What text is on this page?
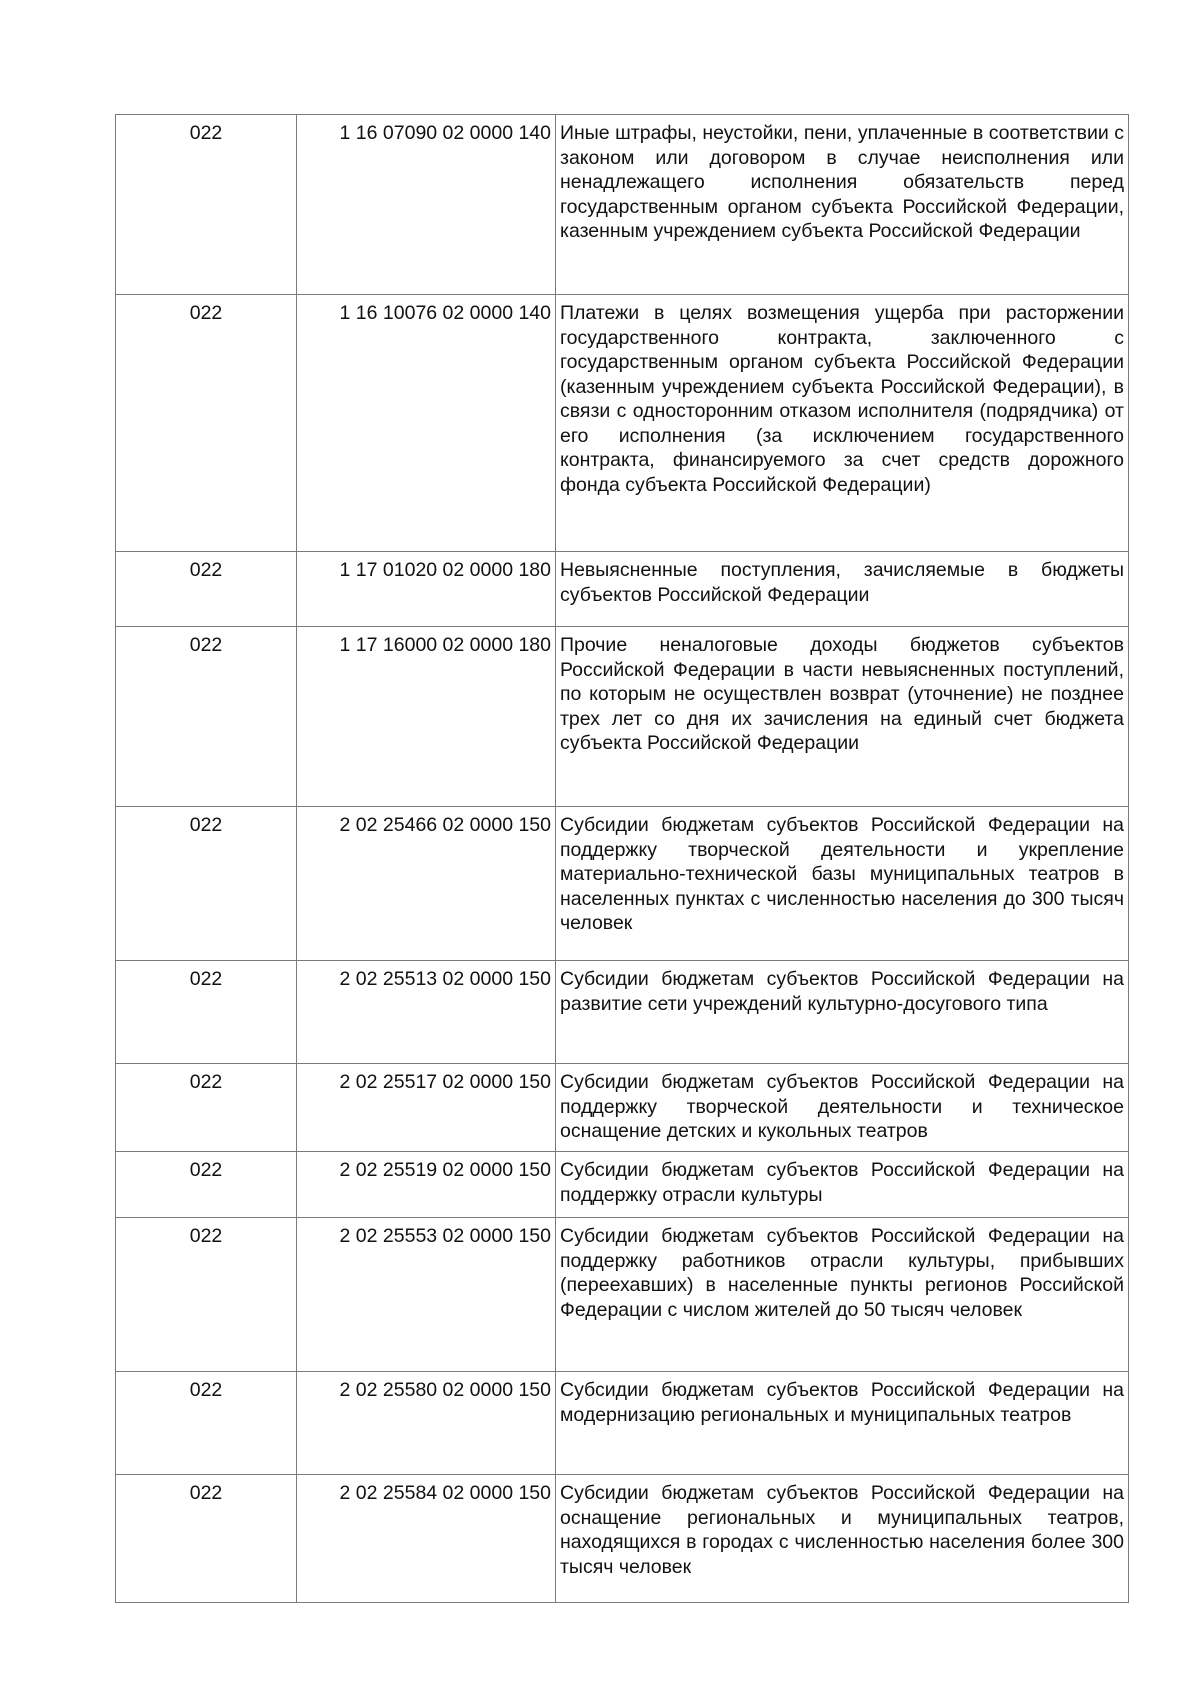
022	1 16 07090 02 0000 140	Иные штрафы, неустойки, пени, уплаченные в соответствии с законом или договором в случае неисполнения или ненадлежащего исполнения обязательств перед государственным органом субъекта Российской Федерации, казенным учреждением субъекта Российской Федерации
022	1 16 10076 02 0000 140	Платежи в целях возмещения ущерба при расторжении государственного контракта, заключенного с государственным органом субъекта Российской Федерации (казенным учреждением субъекта Российской Федерации), в связи с односторонним отказом исполнителя (подрядчика) от его исполнения (за исключением государственного контракта, финансируемого за счет средств дорожного фонда субъекта Российской Федерации)
022	1 17 01020 02 0000 180	Невыясненные поступления, зачисляемые в бюджеты субъектов Российской Федерации
022	1 17 16000 02 0000 180	Прочие неналоговые доходы бюджетов субъектов Российской Федерации в части невыясненных поступлений, по которым не осуществлен возврат (уточнение) не позднее трех лет со дня их зачисления на единый счет бюджета субъекта Российской Федерации
022	2 02 25466 02 0000 150	Субсидии бюджетам субъектов Российской Федерации на поддержку творческой деятельности и укрепление материально-технической базы муниципальных театров в населенных пунктах с численностью населения до 300 тысяч человек
022	2 02 25513 02 0000 150	Субсидии бюджетам субъектов Российской Федерации на развитие сети учреждений культурно-досугового типа
022	2 02 25517 02 0000 150	Субсидии бюджетам субъектов Российской Федерации на поддержку творческой деятельности и техническое оснащение детских и кукольных театров
022	2 02 25519 02 0000 150	Субсидии бюджетам субъектов Российской Федерации на поддержку отрасли культуры
022	2 02 25553 02 0000 150	Субсидии бюджетам субъектов Российской Федерации на поддержку работников отрасли культуры, прибывших (переехавших) в населенные пункты регионов Российской Федерации с числом жителей до 50 тысяч человек
022	2 02 25580 02 0000 150	Субсидии бюджетам субъектов Российской Федерации на модернизацию региональных и муниципальных театров
022	2 02 25584 02 0000 150	Субсидии бюджетам субъектов Российской Федерации на оснащение региональных и муниципальных театров, находящихся в городах с численностью населения более 300 тысяч человек
